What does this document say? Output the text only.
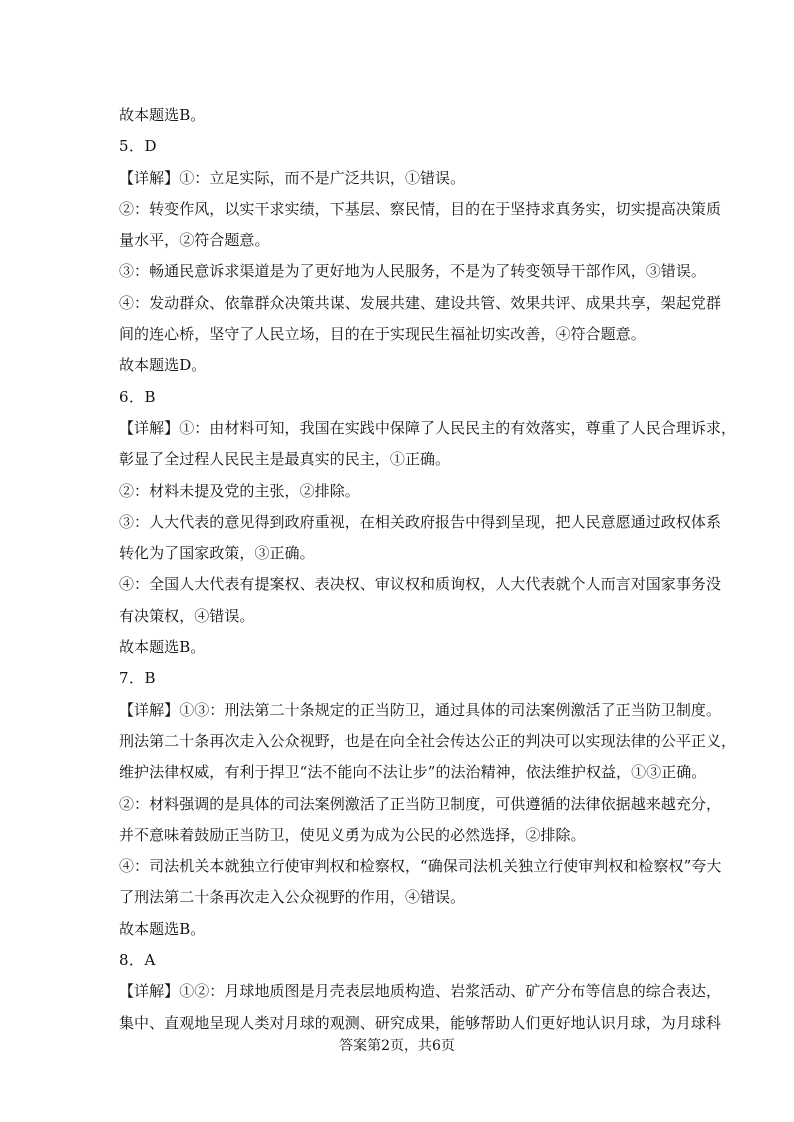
故本题选B。
5．D
【详解】①：立足实际，而不是广泛共识，①错误。
②：转变作风，以实干求实绩，下基层、察民情，目的在于坚持求真务实，切实提高决策质
量水平，②符合题意。
③：畅通民意诉求渠道是为了更好地为人民服务，不是为了转变领导干部作风，③错误。
④：发动群众、依靠群众决策共谋、发展共建、建设共管、效果共评、成果共享，架起党群
间的连心桥，坚守了人民立场，目的在于实现民生福祉切实改善，④符合题意。
故本题选D。
6．B
【详解】①：由材料可知，我国在实践中保障了人民民主的有效落实，尊重了人民合理诉求，
彰显了全过程人民民主是最真实的民主，①正确。
②：材料未提及党的主张，②排除。
③：人大代表的意见得到政府重视，在相关政府报告中得到呈现，把人民意愿通过政权体系
转化为了国家政策，③正确。
④：全国人大代表有提案权、表决权、审议权和质询权，人大代表就个人而言对国家事务没
有决策权，④错误。
故本题选B。
7．B
【详解】①③：刑法第二十条规定的正当防卫，通过具体的司法案例激活了正当防卫制度。
刑法第二十条再次走入公众视野，也是在向全社会传达公正的判决可以实现法律的公平正义，
维护法律权威，有利于捍卫“法不能向不法让步”的法治精神，依法维护权益，①③正确。
②：材料强调的是具体的司法案例激活了正当防卫制度，可供遵循的法律依据越来越充分，
并不意味着鼓励正当防卫，使见义勇为成为公民的必然选择，②排除。
④：司法机关本就独立行使审判权和检察权，“确保司法机关独立行使审判权和检察权”夸大
了刑法第二十条再次走入公众视野的作用，④错误。
故本题选B。
8．A
【详解】①②：月球地质图是月壳表层地质构造、岩浆活动、矿产分布等信息的综合表达，
集中、直观地呈现人类对月球的观测、研究成果，能够帮助人们更好地认识月球，为月球科
答案第2页，共6页
